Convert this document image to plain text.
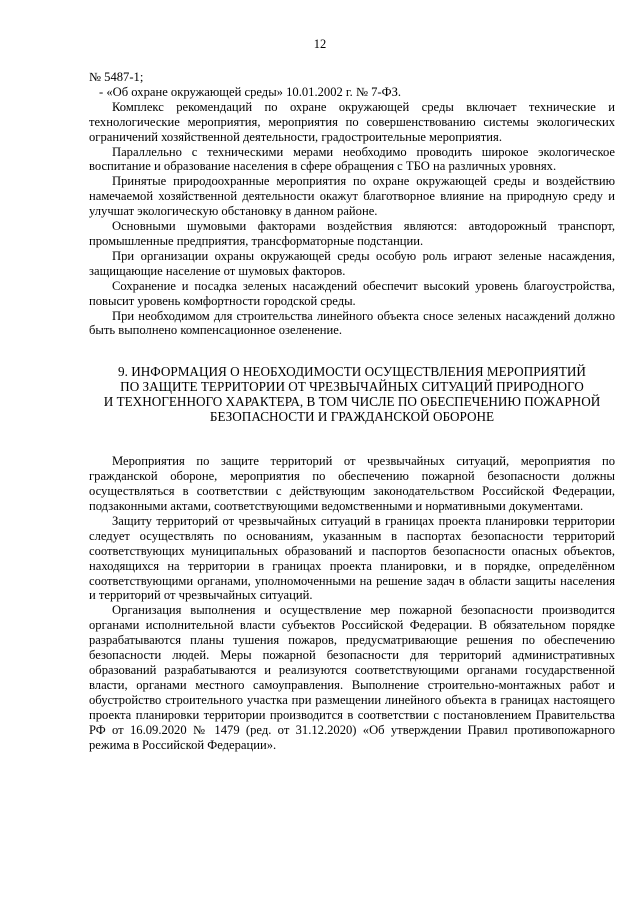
12

№ 5487-1;

- «Об охране окружающей среды» 10.01.2002 г. № 7-ФЗ.

Комплекс рекомендаций по охране окружающей среды включает технические и технологические мероприятия, мероприятия по совершенствованию системы экологических ограничений хозяйственной деятельности, градостроительные мероприятия.

Параллельно с техническими мерами необходимо проводить широкое экологическое воспитание и образование населения в сфере обращения с ТБО на различных уровнях.

Принятые природоохранные мероприятия по охране окружающей среды и воздействию намечаемой хозяйственной деятельности окажут благотворное влияние на природную среду и улучшат экологическую обстановку в данном районе.

Основными шумовыми факторами воздействия являются: автодорожный транспорт, промышленные предприятия, трансформаторные подстанции.

При организации охраны окружающей среды особую роль играют зеленые насаждения, защищающие население от шумовых факторов.

Сохранение и посадка зеленых насаждений обеспечит высокий уровень благоустройства, повысит уровень комфортности городской среды.

При необходимом для строительства линейного объекта сносе зеленых насаждений должно быть выполнено компенсационное озеленение.

9. ИНФОРМАЦИЯ О НЕОБХОДИМОСТИ ОСУЩЕСТВЛЕНИЯ МЕРОПРИЯТИЙ
ПО ЗАЩИТЕ ТЕРРИТОРИИ ОТ ЧРЕЗВЫЧАЙНЫХ СИТУАЦИЙ ПРИРОДНОГО
И ТЕХНОГЕННОГО ХАРАКТЕРА, В ТОМ ЧИСЛЕ ПО ОБЕСПЕЧЕНИЮ ПОЖАРНОЙ
БЕЗОПАСНОСТИ И ГРАЖДАНСКОЙ ОБОРОНЕ

Мероприятия по защите территорий от чрезвычайных ситуаций, мероприятия по гражданской обороне, мероприятия по обеспечению пожарной безопасности должны осуществляться в соответствии с действующим законодательством Российской Федерации, подзаконными актами, соответствующими ведомственными и нормативными документами.

Защиту территорий от чрезвычайных ситуаций в границах проекта планировки территории следует осуществлять по основаниям, указанным в паспортах безопасности территорий соответствующих муниципальных образований и паспортов безопасности опасных объектов, находящихся на территории в границах проекта планировки, и в порядке, определённом соответствующими органами, уполномоченными на решение задач в области защиты населения и территорий от чрезвычайных ситуаций.

Организация выполнения и осуществление мер пожарной безопасности производится органами исполнительной власти субъектов Российской Федерации. В обязательном порядке разрабатываются планы тушения пожаров, предусматривающие решения по обеспечению безопасности людей. Меры пожарной безопасности для территорий административных образований разрабатываются и реализуются соответствующими органами государственной власти, органами местного самоуправления. Выполнение строительно-монтажных работ и обустройство строительного участка при размещении линейного объекта в границах настоящего проекта планировки территории производится в соответствии с постановлением Правительства РФ от 16.09.2020 № 1479 (ред. от 31.12.2020) «Об утверждении Правил противопожарного режима в Российской Федерации».
